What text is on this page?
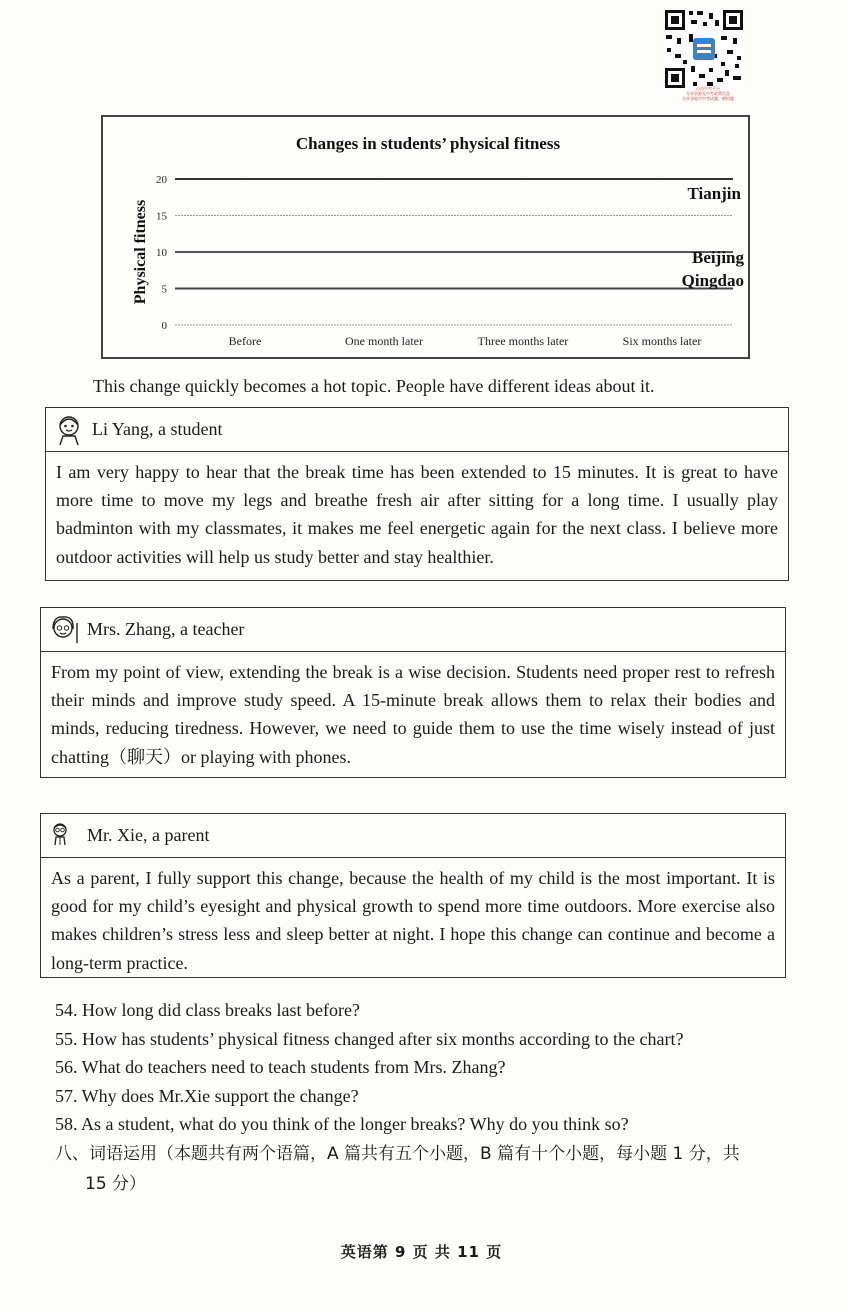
山西中考平台
分享资源及中考政策信息
分享各地市中考试题、模拟题
Changes in students’ physical fitness
Physical fitness
0
5
10
15
20
Before	One month later	Three months later	Six months later
Tianjin
Beijing
Qingdao
This change quickly becomes a hot topic. People have different ideas about it.
Li Yang, a student
I am very happy to hear that the break time has been extended to 15 minutes. It is great to have more time to move my legs and breathe fresh air after sitting for a long time. I usually play badminton with my classmates, it makes me feel energetic again for the next class. I believe more outdoor activities will help us study better and stay healthier.
Mrs. Zhang, a teacher
From my point of view, extending the break is a wise decision. Students need proper rest to refresh their minds and improve study speed. A 15-minute break allows them to relax their bodies and minds, reducing tiredness. However, we need to guide them to use the time wisely instead of just chatting（聊天）or playing with phones.
Mr. Xie, a parent
As a parent, I fully support this change, because the health of my child is the most important. It is good for my child’s eyesight and physical growth to spend more time outdoors. More exercise also makes children’s stress less and sleep better at night. I hope this change can continue and become a long-term practice.
54. How long did class breaks last before?
55. How has students’ physical fitness changed after six months according to the chart?
56. What do teachers need to teach students from Mrs. Zhang?
57. Why does Mr.Xie support the change?
58. As a student, what do you think of the longer breaks? Why do you think so?
八、词语运用（本题共有两个语篇，A 篇共有五个小题，B 篇有十个小题，每小题 1 分，共
15 分）
英语第 9 页 共 11 页
